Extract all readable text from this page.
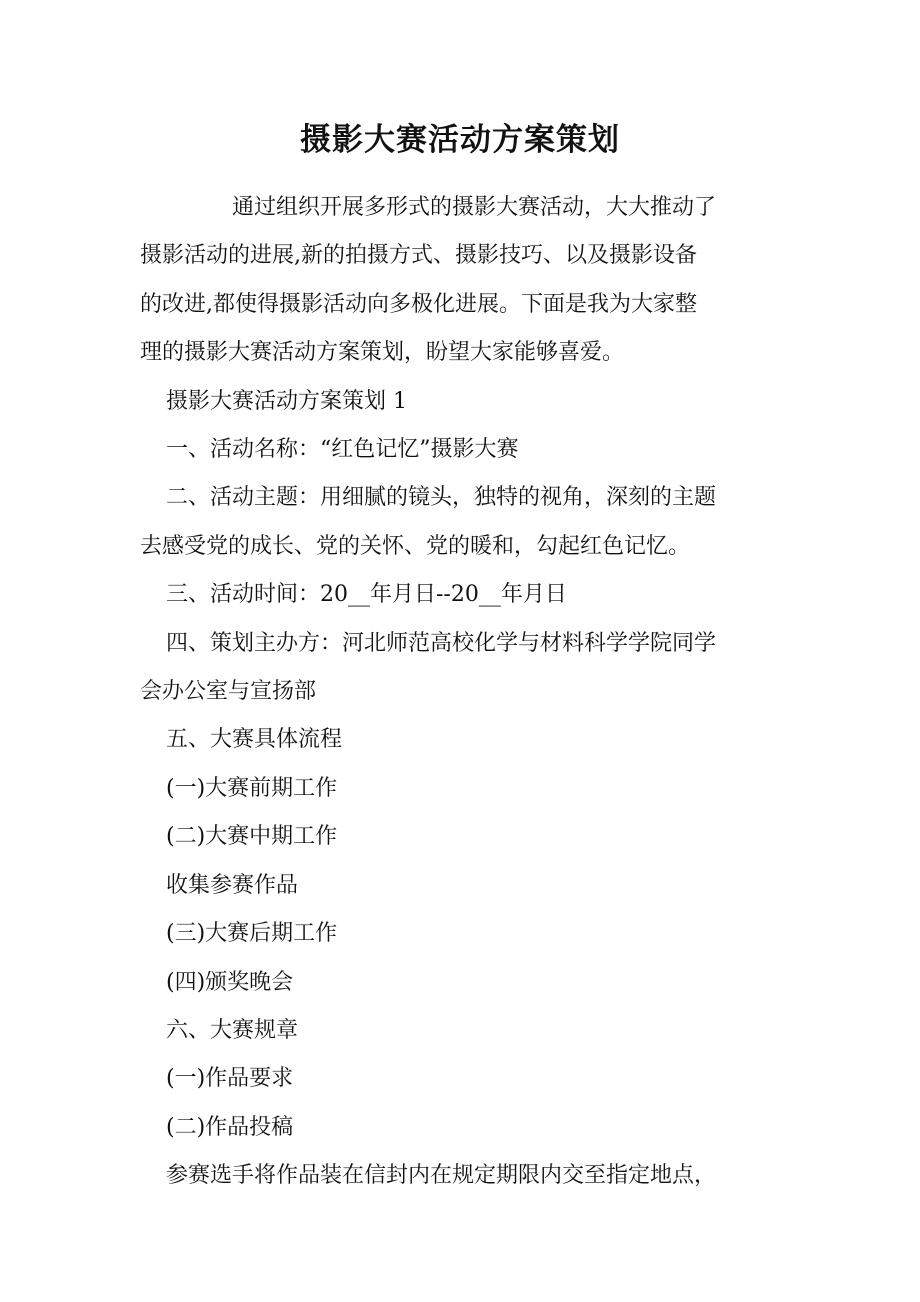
摄影大赛活动方案策划

通过组织开展多形式的摄影大赛活动，大大推动了

摄影活动的进展,新的拍摄方式、摄影技巧、以及摄影设备

的改进,都使得摄影活动向多极化进展。下面是我为大家整

理的摄影大赛活动方案策划，盼望大家能够喜爱。

摄影大赛活动方案策划 1

一、活动名称：“红色记忆”摄影大赛

二、活动主题：用细腻的镜头，独特的视角，深刻的主题

去感受党的成长、党的关怀、党的暖和，勾起红色记忆。

三、活动时间：20__年月日--20__年月日

四、策划主办方：河北师范高校化学与材料科学学院同学

会办公室与宣扬部

五、大赛具体流程

(一)大赛前期工作

(二)大赛中期工作

收集参赛作品

(三)大赛后期工作

(四)颁奖晚会

六、大赛规章

(一)作品要求

(二)作品投稿

参赛选手将作品装在信封内在规定期限内交至指定地点，
